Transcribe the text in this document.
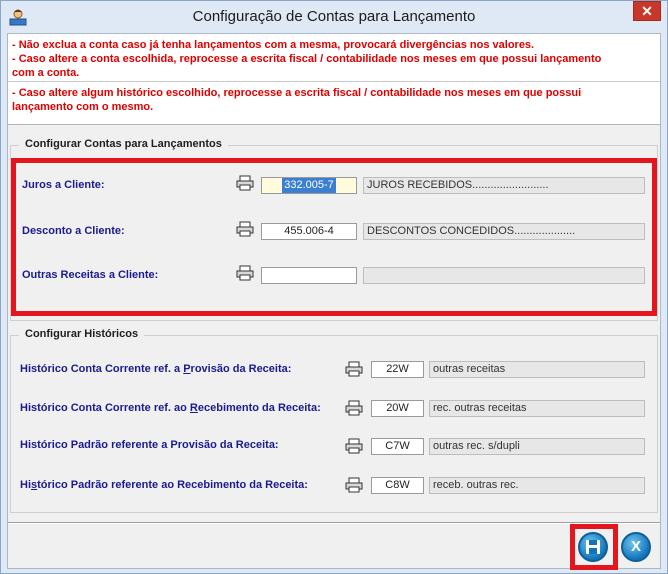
Configuração de Contas para Lançamento	✕

- Não exclua a conta caso já tenha lançamentos com a mesma, provocará divergências nos valores.

- Caso altere a conta escolhida, reprocesse a escrita fiscal / contabilidade nos meses em que possui lançamento

com a conta.

- Caso altere algum histórico escolhido, reprocesse a escrita fiscal / contabilidade nos meses em que possui

lançamento com o mesmo.

Configurar Contas para Lançamentos
Juros a Cliente:	332.005-7	JUROS RECEBIDOS.........................
Desconto a Cliente:	455.006-4	DESCONTOS CONCEDIDOS....................
Outras Receitas a Cliente:
Configurar Históricos
Histórico Conta Corrente ref. a Provisão da Receita:	22W	outras receitas
Histórico Conta Corrente ref. ao Recebimento da Receita:	20W	rec. outras receitas
Histórico Padrão referente a Provisão da Receita:	C7W	outras rec. s/dupli
Histórico Padrão referente ao Recebimento da Receita:	C8W	receb. outras rec.
X
